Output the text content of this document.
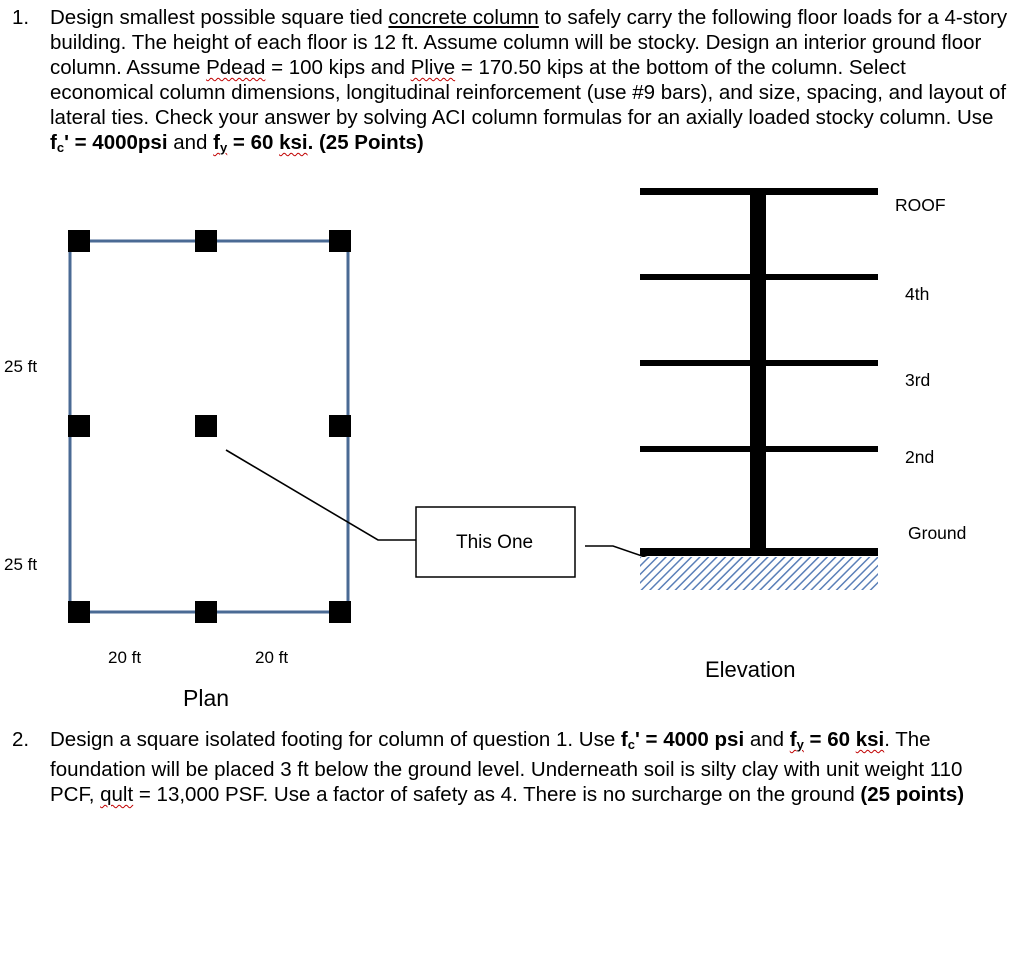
1. Design smallest possible square tied concrete column to safely carry the following floor loads for a 4-story building. The height of each floor is 12 ft. Assume column will be stocky. Design an interior ground floor column. Assume Pdead = 100 kips and Plive = 170.50 kips at the bottom of the column. Select economical column dimensions, longitudinal reinforcement (use #9 bars), and size, spacing, and layout of lateral ties. Check your answer by solving ACI column formulas for an axially loaded stocky column. Use $f_c' = 4000psi$ and $f_y = 60$ ksi. (25 Points)
25 ft
25 ft
20 ft	20 ft
Plan
This One
ROOF
4th
3rd
2nd
Ground
Elevation
2. Design a square isolated footing for column of question 1. Use $f_c' = 4000$ psi and $f_y = 60$ ksi. The foundation will be placed 3 ft below the ground level. Underneath soil is silty clay with unit weight 110 PCF, qult = 13,000 PSF. Use a factor of safety as 4. There is no surcharge on the ground (25 points)
